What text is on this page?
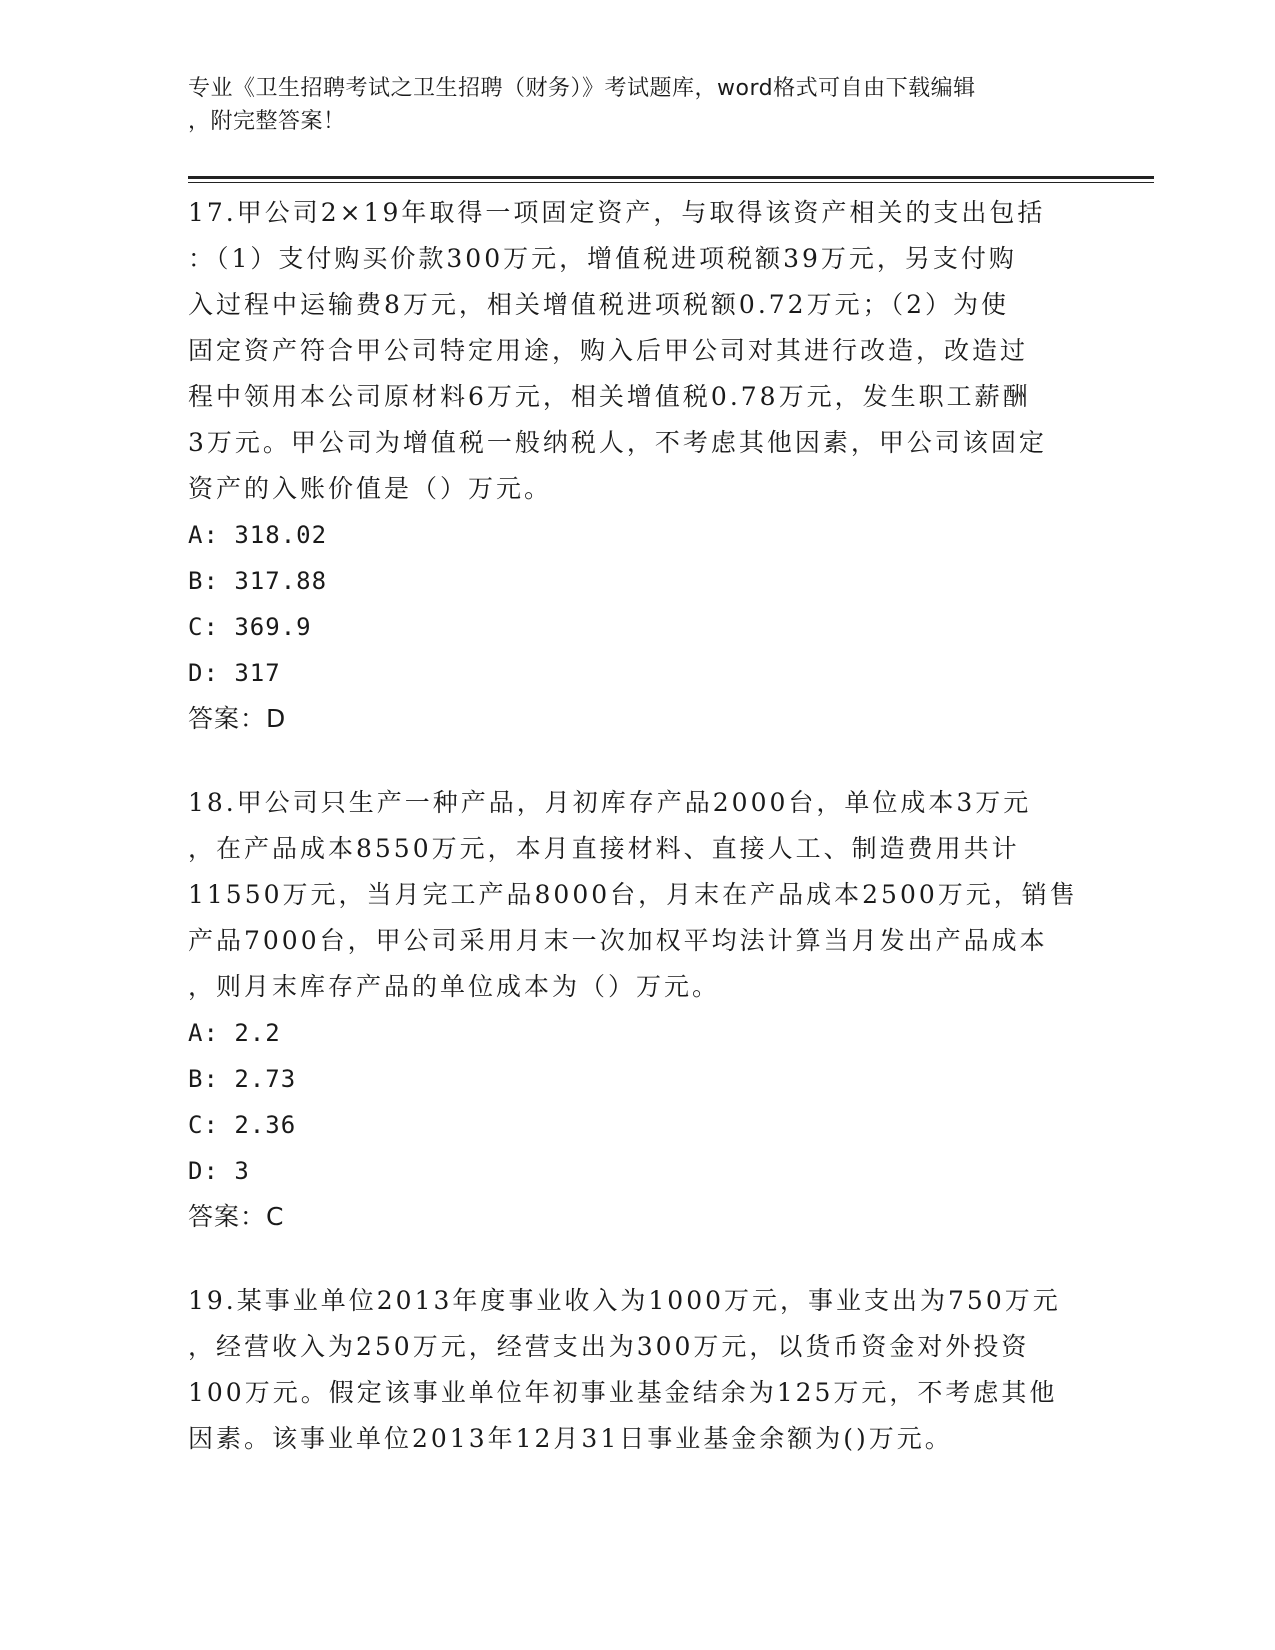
专业《卫生招聘考试之卫生招聘（财务）》考试题库，word格式可自由下载编辑
，附完整答案！
17.甲公司2×19年取得一项固定资产，与取得该资产相关的支出包括
：（1）支付购买价款300万元，增值税进项税额39万元，另支付购
入过程中运输费8万元，相关增值税进项税额0.72万元；（2）为使
固定资产符合甲公司特定用途，购入后甲公司对其进行改造，改造过
程中领用本公司原材料6万元，相关增值税0.78万元，发生职工薪酬
3万元。甲公司为增值税一般纳税人，不考虑其他因素，甲公司该固定
资产的入账价值是（）万元。
A: 318.02
B: 317.88
C: 369.9
D: 317
答案：D
18.甲公司只生产一种产品，月初库存产品2000台，单位成本3万元
，在产品成本8550万元，本月直接材料、直接人工、制造费用共计
11550万元，当月完工产品8000台，月末在产品成本2500万元，销售
产品7000台，甲公司采用月末一次加权平均法计算当月发出产品成本
，则月末库存产品的单位成本为（）万元。
A: 2.2
B: 2.73
C: 2.36
D: 3
答案：C
19.某事业单位2013年度事业收入为1000万元，事业支出为750万元
，经营收入为250万元，经营支出为300万元，以货币资金对外投资
100万元。假定该事业单位年初事业基金结余为125万元，不考虑其他
因素。该事业单位2013年12月31日事业基金余额为()万元。
